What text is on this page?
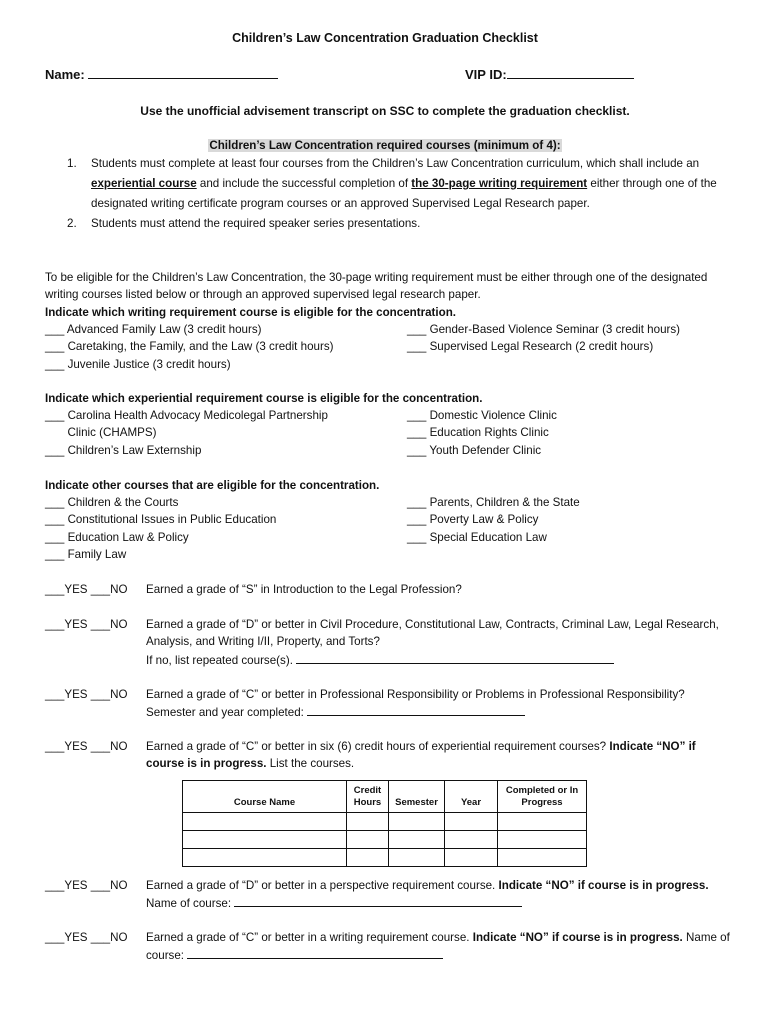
Children’s Law Concentration Graduation Checklist
Name:	VIP ID:
Use the unofficial advisement transcript on SSC to complete the graduation checklist.
Children’s Law Concentration required courses (minimum of 4):
1. Students must complete at least four courses from the Children’s Law Concentration curriculum, which shall include an experiential course and include the successful completion of the 30-page writing requirement either through one of the designated writing certificate program courses or an approved Supervised Legal Research paper.
2. Students must attend the required speaker series presentations.
To be eligible for the Children’s Law Concentration, the 30-page writing requirement must be either through one of the designated writing courses listed below or through an approved supervised legal research paper.
Indicate which writing requirement course is eligible for the concentration.
___ Advanced Family Law (3 credit hours)
___ Caretaking, the Family, and the Law (3 credit hours)
___ Juvenile Justice (3 credit hours)
___ Gender-Based Violence Seminar (3 credit hours)
___ Supervised Legal Research (2 credit hours)
Indicate which experiential requirement course is eligible for the concentration.
___ Carolina Health Advocacy Medicolegal Partnership
Clinic (CHAMPS)
___ Children’s Law Externship
___ Domestic Violence Clinic
___ Education Rights Clinic
___ Youth Defender Clinic
Indicate other courses that are eligible for the concentration.
___ Children & the Courts
___ Constitutional Issues in Public Education
___ Education Law & Policy
___ Family Law
___ Parents, Children & the State
___ Poverty Law & Policy
___ Special Education Law
___YES ___NO Earned a grade of “S” in Introduction to the Legal Profession?
___YES ___NO Earned a grade of “D” or better in Civil Procedure, Constitutional Law, Contracts, Criminal Law, Legal Research, Analysis, and Writing I/II, Property, and Torts?
If no, list repeated course(s).
___YES ___NO Earned a grade of “C” or better in Professional Responsibility or Problems in Professional Responsibility? Semester and year completed:
___YES ___NO Earned a grade of “C” or better in six (6) credit hours of experiential requirement courses? Indicate “NO” if course is in progress. List the courses.
Course Name	Credit Hours	Semester	Year	Completed or In Progress

___YES ___NO Earned a grade of “D” or better in a perspective requirement course. Indicate “NO” if course is in progress. Name of course:
___YES ___NO Earned a grade of “C” or better in a writing requirement course. Indicate “NO” if course is in progress. Name of course:
